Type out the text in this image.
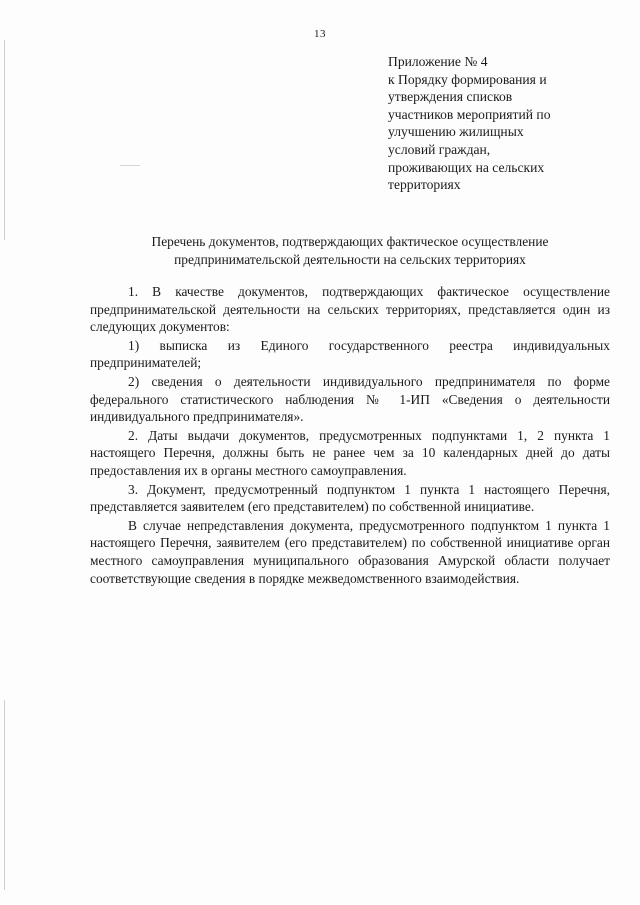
13
Приложение № 4
к Порядку формирования и
утверждения списков
участников мероприятий по
улучшению жилищных
условий граждан,
проживающих на сельских
территориях
Перечень документов, подтверждающих фактическое осуществление
предпринимательской деятельности на сельских территориях

1. В качестве документов, подтверждающих фактическое осуществление предпринимательской деятельности на сельских территориях, представляется один из следующих документов:

1) выписка из Единого государственного реестра индивидуальных предпринимателей;

2) сведения о деятельности индивидуального предпринимателя по форме федерального статистического наблюдения № 1-ИП «Сведения о деятельности индивидуального предпринимателя».

2. Даты выдачи документов, предусмотренных подпунктами 1, 2 пункта 1 настоящего Перечня, должны быть не ранее чем за 10 календарных дней до даты предоставления их в органы местного самоуправления.

3. Документ, предусмотренный подпунктом 1 пункта 1 настоящего Перечня, представляется заявителем (его представителем) по собственной инициативе.

В случае непредставления документа, предусмотренного подпунктом 1 пункта 1 настоящего Перечня, заявителем (его представителем) по собственной инициативе орган местного самоуправления муниципального образования Амурской области получает соответствующие сведения в порядке межведомственного взаимодействия.
